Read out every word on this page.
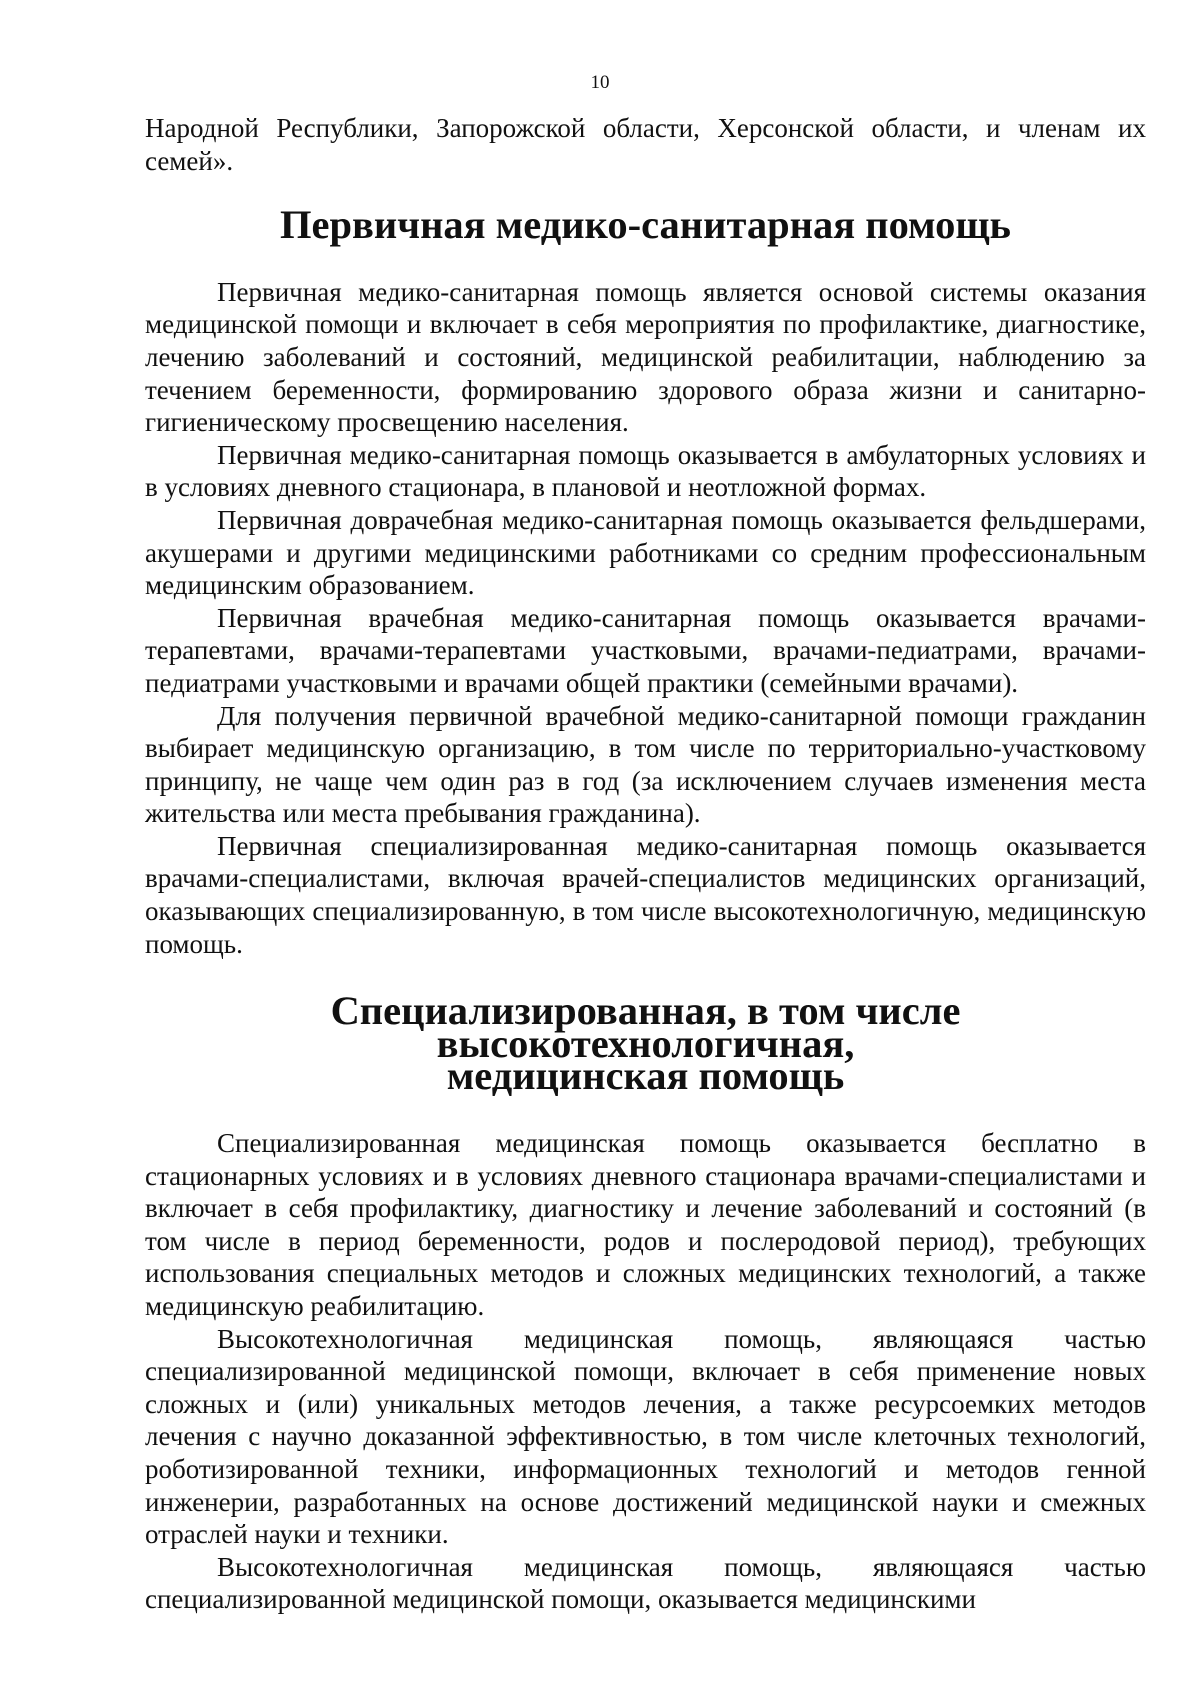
10

Народной Республики, Запорожской области, Херсонской области, и членам их семей».

Первичная медико-санитарная помощь

Первичная медико-санитарная помощь является основой системы оказания медицинской помощи и включает в себя мероприятия по профилактике, диагностике, лечению заболеваний и состояний, медицинской реабилитации, наблюдению за течением беременности, формированию здорового образа жизни и санитарно-гигиеническому просвещению населения.

Первичная медико-санитарная помощь оказывается в амбулаторных условиях и в условиях дневного стационара, в плановой и неотложной формах.

Первичная доврачебная медико-санитарная помощь оказывается фельдшерами, акушерами и другими медицинскими работниками со средним профессиональным медицинским образованием.

Первичная врачебная медико-санитарная помощь оказывается врачами-терапевтами, врачами-терапевтами участковыми, врачами-педиатрами, врачами-педиатрами участковыми и врачами общей практики (семейными врачами).

Для получения первичной врачебной медико-санитарной помощи гражданин выбирает медицинскую организацию, в том числе по территориально-участковому принципу, не чаще чем один раз в год (за исключением случаев изменения места жительства или места пребывания гражданина).

Первичная специализированная медико-санитарная помощь оказывается врачами-специалистами, включая врачей-специалистов медицинских организаций, оказывающих специализированную, в том числе высокотехнологичную, медицинскую помощь.

Специализированная, в том числе высокотехнологичная,
медицинская помощь

Специализированная медицинская помощь оказывается бесплатно в стационарных условиях и в условиях дневного стационара врачами-специалистами и включает в себя профилактику, диагностику и лечение заболеваний и состояний (в том числе в период беременности, родов и послеродовой период), требующих использования специальных методов и сложных медицинских технологий, а также медицинскую реабилитацию.

Высокотехнологичная медицинская помощь, являющаяся частью специализированной медицинской помощи, включает в себя применение новых сложных и (или) уникальных методов лечения, а также ресурсоемких методов лечения с научно доказанной эффективностью, в том числе клеточных технологий, роботизированной техники, информационных технологий и методов генной инженерии, разработанных на основе достижений медицинской науки и смежных отраслей науки и техники.

Высокотехнологичная медицинская помощь, являющаяся частью специализированной медицинской помощи, оказывается медицинскими
